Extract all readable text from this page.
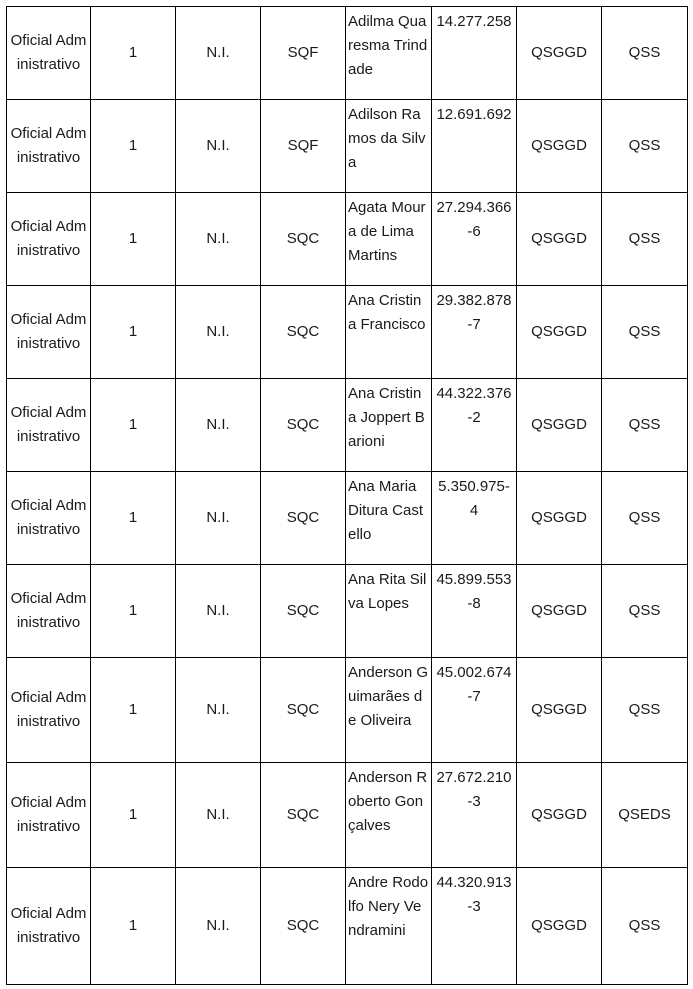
Oficial Administrativo	1	N.I.	SQF	Adilma Quaresma Trindade	14.277.258	QSGGD	QSS
Oficial Administrativo	1	N.I.	SQF	Adilson Ramos da Silva	12.691.692	QSGGD	QSS
Oficial Administrativo	1	N.I.	SQC	Agata Moura de Lima Martins	27.294.366-6	QSGGD	QSS
Oficial Administrativo	1	N.I.	SQC	Ana Cristina Francisco	29.382.878-7	QSGGD	QSS
Oficial Administrativo	1	N.I.	SQC	Ana Cristina Joppert Barioni	44.322.376-2	QSGGD	QSS
Oficial Administrativo	1	N.I.	SQC	Ana Maria Ditura Castello	5.350.975-4	QSGGD	QSS
Oficial Administrativo	1	N.I.	SQC	Ana Rita Silva Lopes	45.899.553-8	QSGGD	QSS
Oficial Administrativo	1	N.I.	SQC	Anderson Guimarães de Oliveira	45.002.674-7	QSGGD	QSS
Oficial Administrativo	1	N.I.	SQC	Anderson Roberto Gonçalves	27.672.210-3	QSGGD	QSEDS
Oficial Administrativo	1	N.I.	SQC	Andre Rodolfo Nery Vendramini	44.320.913-3	QSGGD	QSS
